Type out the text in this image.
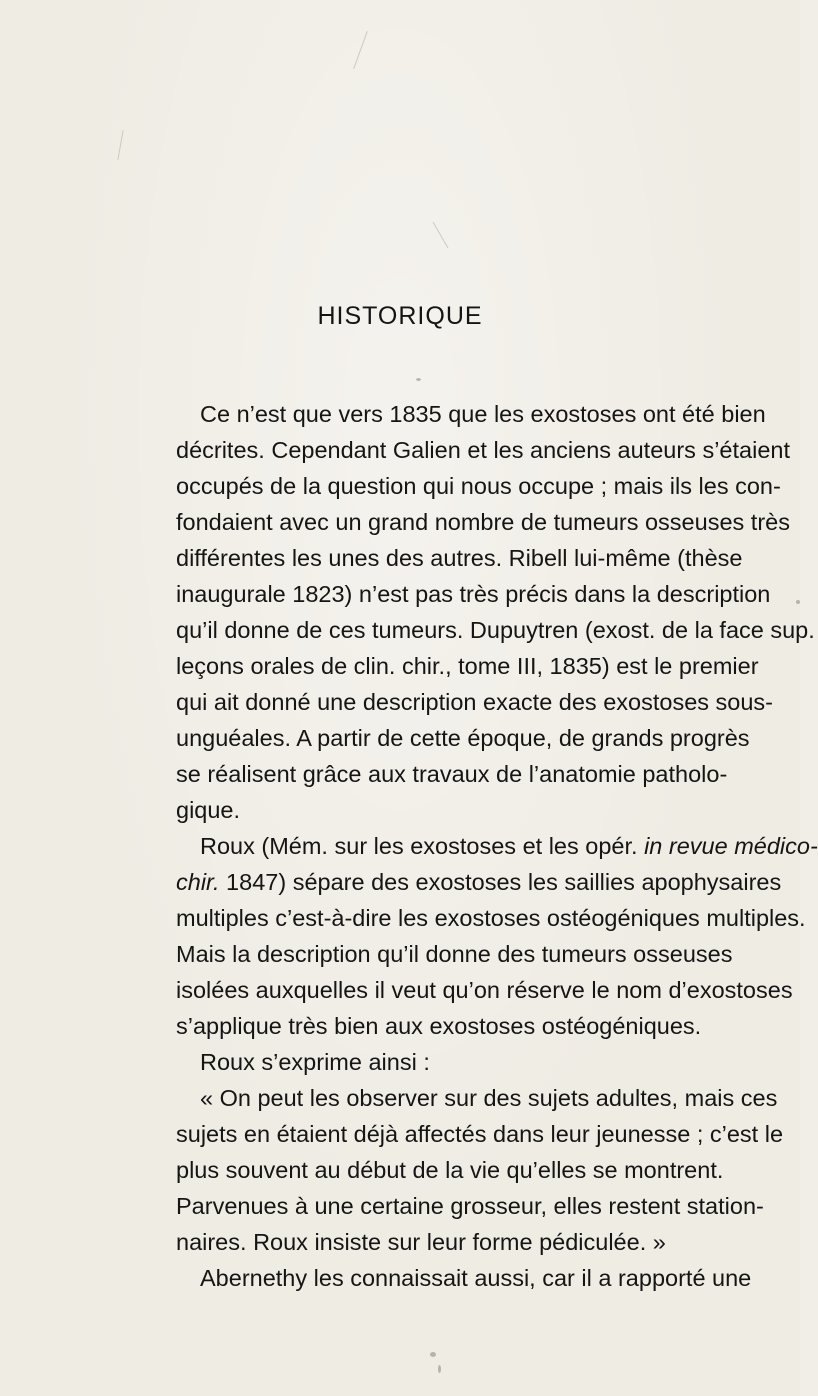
HISTORIQUE
Ce n’est que vers 1835 que les exostoses ont été bien
décrites. Cependant Galien et les anciens auteurs s’étaient
occupés de la question qui nous occupe ; mais ils les con-
fondaient avec un grand nombre de tumeurs osseuses très
différentes les unes des autres. Ribell lui-même (thèse
inaugurale 1823) n’est pas très précis dans la description
qu’il donne de ces tumeurs. Dupuytren (exost. de la face sup.
leçons orales de clin. chir., tome III, 1835) est le premier
qui ait donné une description exacte des exostoses sous-
unguéales. A partir de cette époque, de grands progrès
se réalisent grâce aux travaux de l’anatomie patholo-
gique.
Roux (Mém. sur les exostoses et les opér. in revue médico-
chir. 1847) sépare des exostoses les saillies apophysaires
multiples c’est-à-dire les exostoses ostéogéniques multiples.
Mais la description qu’il donne des tumeurs osseuses
isolées auxquelles il veut qu’on réserve le nom d’exostoses
s’applique très bien aux exostoses ostéogéniques.
Roux s’exprime ainsi :
« On peut les observer sur des sujets adultes, mais ces
sujets en étaient déjà affectés dans leur jeunesse ; c’est le
plus souvent au début de la vie qu’elles se montrent.
Parvenues à une certaine grosseur, elles restent station-
naires. Roux insiste sur leur forme pédiculée. »
Abernethy les connaissait aussi, car il a rapporté une
